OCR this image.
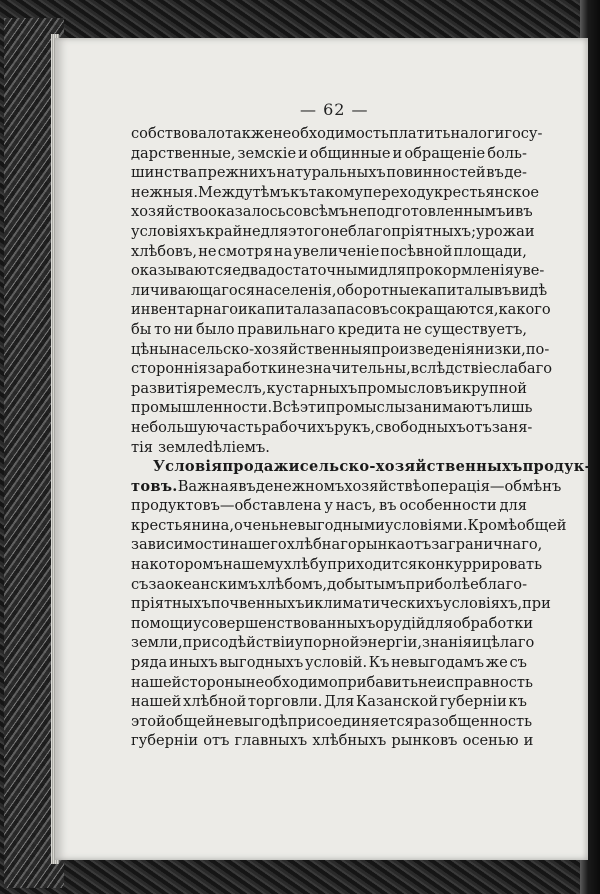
— 62 —
собствовало также необходимость платить налоги госу-
дарственные, земскіе и общинные и обращеніе боль-
шинства прежнихъ натуральныхъ повинностей въ де-
нежныя. Между тѣмъ къ такому переходу крестьянское
хозяйство оказалось совсѣмъ неподготовленнымъ и въ
условіяхъ крайне для этого неблагопріятныхъ; урожаи
хлѣбовъ, не смотря на увеличеніе посѣвной площади,
оказываются едва достаточными для прокормленія уве-
личивающагося населенія, оборотные капиталы въ видѣ
инвентарнаго и капитала запасовъ сокращаются, какого
бы то ни было правильнаго кредита не существуетъ,
цѣны на сельско-хозяйственныя произведенія низки, по-
стороннія заработки незначительны, вслѣдствіе слабаго
развитія ремеслъ, кустарныхъ промысловъ и крупной
промышленности. Всѣ эти промыслы занимаютъ лишь
небольшую часть рабочихъ рукъ, свободныхъ отъ заня-
тія землedѣліемъ.
Условія продажи сельско-хозяйственныхъ продук-
товъ. Важная въ денежномъ хозяйствѣ операція—обмѣнъ
продуктовъ—обставлена у насъ, въ особенности для
крестьянина, очень невыгодными условіями. Кромѣ общей
зависимости нашего хлѣбнаго рынка отъ заграничнаго,
на которомъ нашему хлѣбу приходится конкуррировать
съ заокеанскимъ хлѣбомъ, добытымъ при болѣе благо-
пріятныхъ почвенныхъ и климатическихъ условіяхъ, при
помощи усовершенствованныхъ орудій для обработки
земли, при содѣйствіи упорной энергіи, знанія и цѣлаго
ряда иныхъ выгодныхъ условій. Къ невыгодамъ же съ
нашей стороны необходимо прибавить неисправность
нашей хлѣбной торговли. Для Казанской губерніи къ
этой общей невыгодѣ присоединяется разобщенность
губерніи отъ главныхъ хлѣбныхъ рынковъ осенью и
